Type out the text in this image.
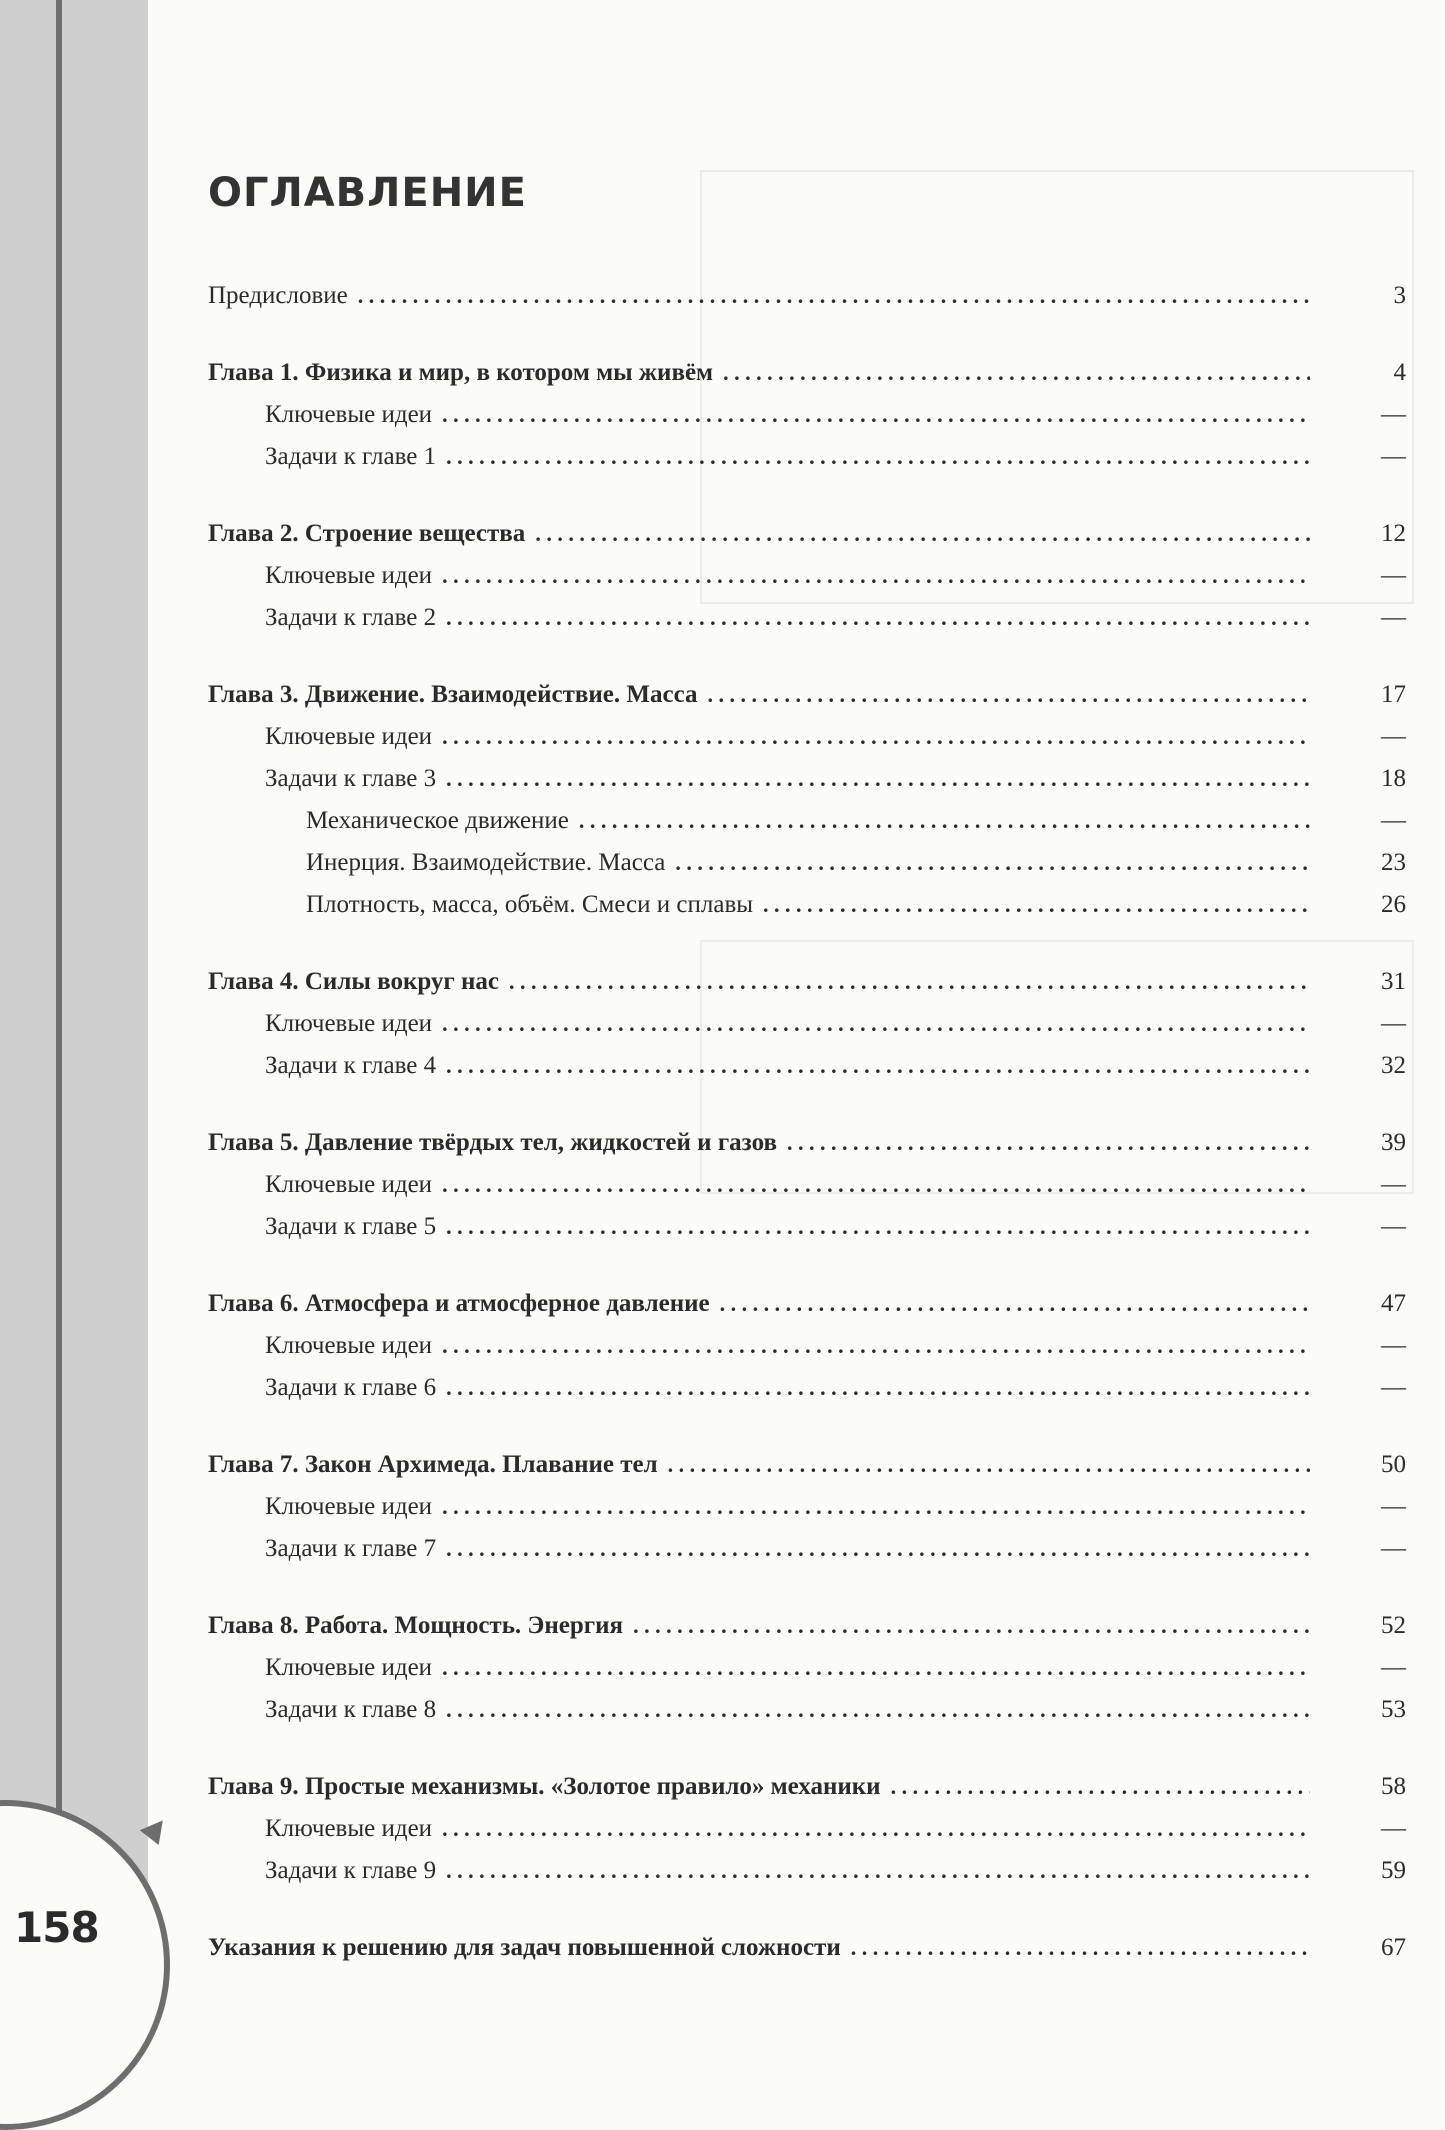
158
ОГЛАВЛЕНИЕ
Предисловие . . .	3
Глава 1. Физика и мир, в котором мы живём . . .	4
Ключевые идеи . . .	—
Задачи к главе 1 . . .	—
Глава 2. Строение вещества . . .	12
Ключевые идеи . . .	—
Задачи к главе 2 . . .	—
Глава 3. Движение. Взаимодействие. Масса . . .	17
Ключевые идеи . . .	—
Задачи к главе 3 . . .	18
Механическое движение . . .	—
Инерция. Взаимодействие. Масса . . .	23
Плотность, масса, объём. Смеси и сплавы . . .	26
Глава 4. Силы вокруг нас . . .	31
Ключевые идеи . . .	—
Задачи к главе 4 . . .	32
Глава 5. Давление твёрдых тел, жидкостей и газов . . .	39
Ключевые идеи . . .	—
Задачи к главе 5 . . .	—
Глава 6. Атмосфера и атмосферное давление . . .	47
Ключевые идеи . . .	—
Задачи к главе 6 . . .	—
Глава 7. Закон Архимеда. Плавание тел . . .	50
Ключевые идеи . . .	—
Задачи к главе 7 . . .	—
Глава 8. Работа. Мощность. Энергия . . .	52
Ключевые идеи . . .	—
Задачи к главе 8 . . .	53
Глава 9. Простые механизмы. «Золотое правило» механики . . .	58
Ключевые идеи . . .	—
Задачи к главе 9 . . .	59
Указания к решению для задач повышенной сложности . . .	67
